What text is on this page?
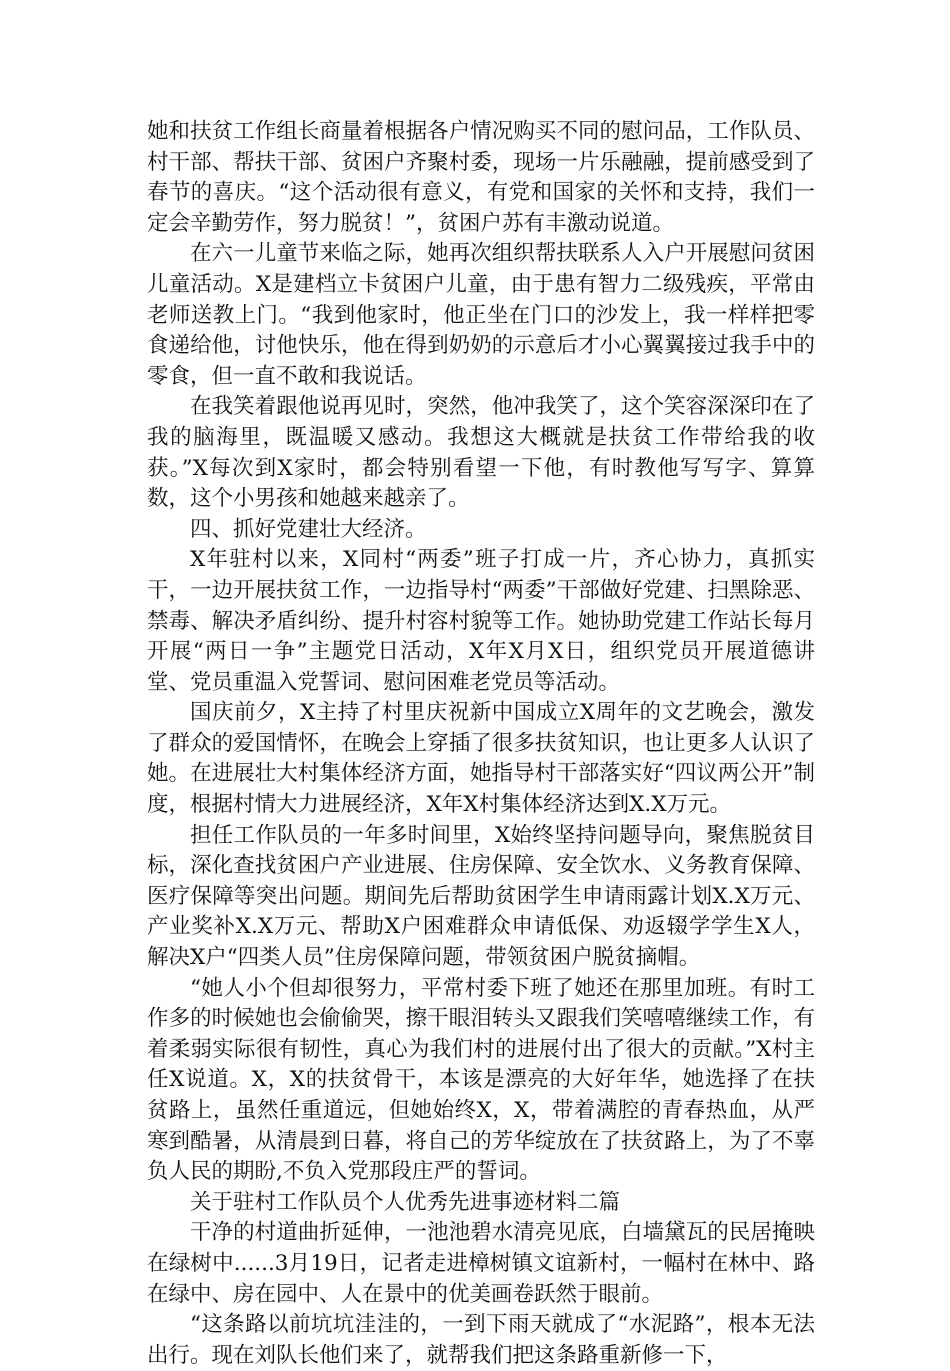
她和扶贫工作组长商量着根据各户情况购买不同的慰问品，工作队员、村干部、帮扶干部、贫困户齐聚村委，现场一片乐融融，提前感受到了春节的喜庆。“这个活动很有意义，有党和国家的关怀和支持，我们一定会辛勤劳作，努力脱贫！”，贫困户苏有丰激动说道。

在六一儿童节来临之际，她再次组织帮扶联系人入户开展慰问贫困儿童活动。X是建档立卡贫困户儿童，由于患有智力二级残疾，平常由老师送教上门。“我到他家时，他正坐在门口的沙发上，我一样样把零食递给他，讨他快乐，他在得到奶奶的示意后才小心翼翼接过我手中的零食，但一直不敢和我说话。

在我笑着跟他说再见时，突然，他冲我笑了，这个笑容深深印在了我的脑海里，既温暖又感动。我想这大概就是扶贫工作带给我的收获。”X每次到X家时，都会特别看望一下他，有时教他写写字、算算数，这个小男孩和她越来越亲了。

四、抓好党建壮大经济。

X年驻村以来，X同村“两委”班子打成一片，齐心协力，真抓实干，一边开展扶贫工作，一边指导村“两委”干部做好党建、扫黑除恶、禁毒、解决矛盾纠纷、提升村容村貌等工作。她协助党建工作站长每月开展“两日一争”主题党日活动，X年X月X日，组织党员开展道德讲堂、党员重温入党誓词、慰问困难老党员等活动。

国庆前夕，X主持了村里庆祝新中国成立X周年的文艺晚会，激发了群众的爱国情怀，在晚会上穿插了很多扶贫知识，也让更多人认识了她。在进展壮大村集体经济方面，她指导村干部落实好“四议两公开”制度，根据村情大力进展经济，X年X村集体经济达到X.X万元。

担任工作队员的一年多时间里，X始终坚持问题导向，聚焦脱贫目标，深化查找贫困户产业进展、住房保障、安全饮水、义务教育保障、医疗保障等突出问题。期间先后帮助贫困学生申请雨露计划X.X万元、产业奖补X.X万元、帮助X户困难群众申请低保、劝返辍学学生X人，解决X户“四类人员”住房保障问题，带领贫困户脱贫摘帽。

“她人小个但却很努力，平常村委下班了她还在那里加班。有时工作多的时候她也会偷偷哭，擦干眼泪转头又跟我们笑嘻嘻继续工作，有着柔弱实际很有韧性，真心为我们村的进展付出了很大的贡献。”X村主任X说道。X，X的扶贫骨干，本该是漂亮的大好年华，她选择了在扶贫路上，虽然任重道远，但她始终X，X，带着满腔的青春热血，从严寒到酷暑，从清晨到日暮，将自己的芳华绽放在了扶贫路上，为了不辜负人民的期盼,不负入党那段庄严的誓词。

关于驻村工作队员个人优秀先进事迹材料二篇

干净的村道曲折延伸，一池池碧水清亮见底，白墙黛瓦的民居掩映在绿树中......3月19日，记者走进樟树镇文谊新村，一幅村在林中、路在绿中、房在园中、人在景中的优美画卷跃然于眼前。

“这条路以前坑坑洼洼的，一到下雨天就成了“水泥路”，根本无法出行。现在刘队长他们来了，就帮我们把这条路重新修一下，
